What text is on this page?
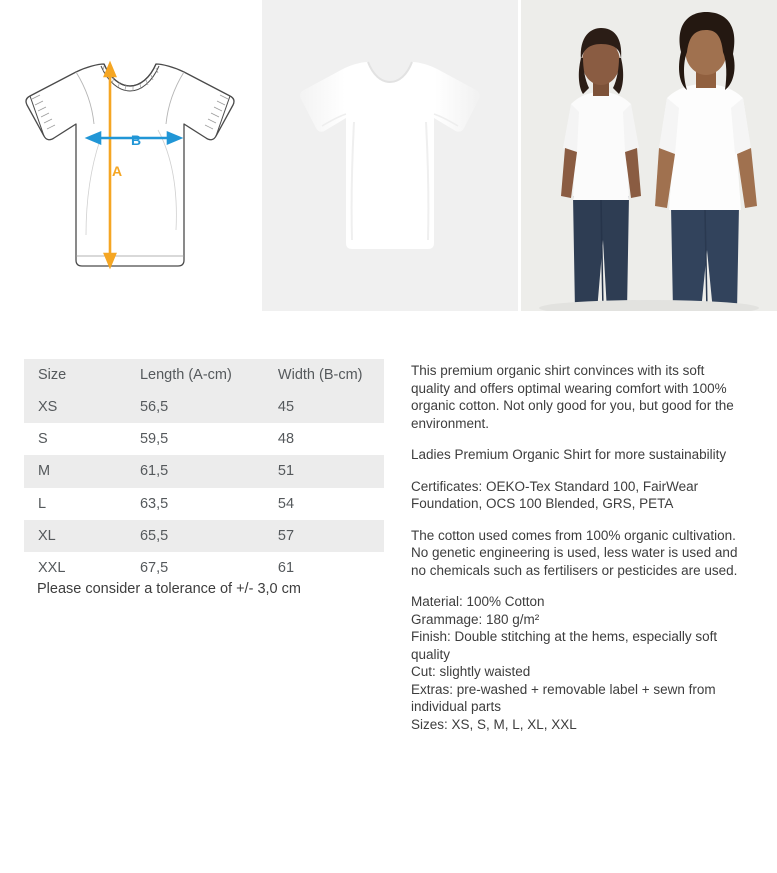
A
B
Size	Length (A-cm)	Width (B-cm)
XS	56,5	45
S	59,5	48
M	61,5	51
L	63,5	54
XL	65,5	57
XXL	67,5	61
Please consider a tolerance of +/- 3,0 cm

This premium organic shirt convinces with its soft quality and offers optimal wearing comfort with 100% organic cotton. Not only good for you, but good for the environment.

Ladies Premium Organic Shirt for more sustainability

Certificates: OEKO-Tex Standard 100, FairWear Foundation, OCS 100 Blended, GRS, PETA

The cotton used comes from 100% organic cultivation.
No genetic engineering is used, less water is used and no chemicals such as fertilisers or pesticides are used.
Material: 100% Cotton
Grammage: 180 g/m²
Finish: Double stitching at the hems, especially soft quality
Cut: slightly waisted
Extras: pre-washed + removable label + sewn from individual parts
Sizes: XS, S, M, L, XL, XXL
